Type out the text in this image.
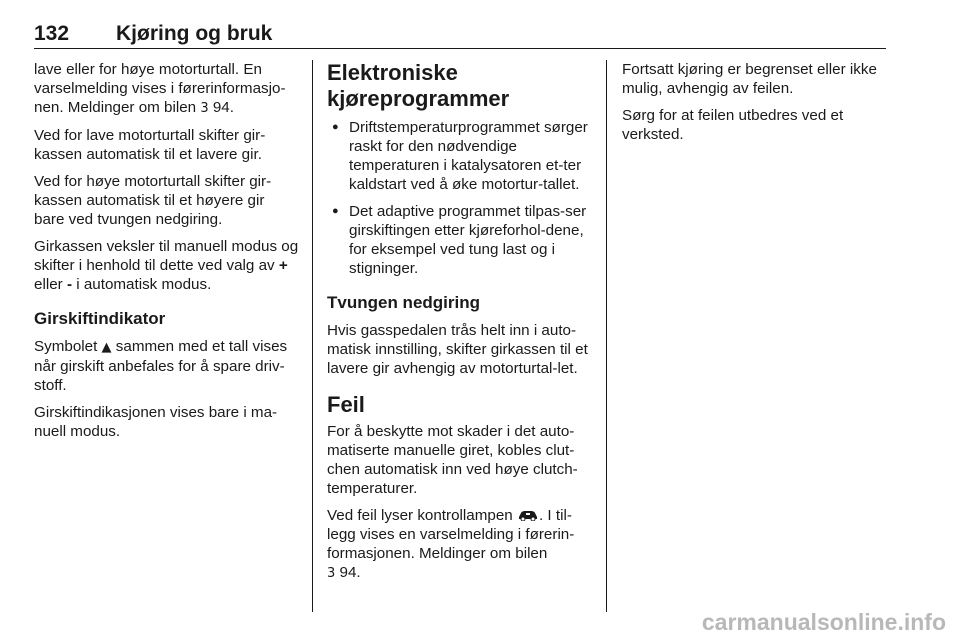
132 Kjøring og bruk

lave eller for høye motorturtall. En varselmelding vises i førerinformasjo-nen. Meldinger om bilen 3 94.

Ved for lave motorturtall skifter gir-kassen automatisk til et lavere gir.

Ved for høye motorturtall skifter gir-kassen automatisk til et høyere gir bare ved tvungen nedgiring.

Girkassen veksler til manuell modus og skifter i henhold til dette ved valg av + eller - i automatisk modus.

Girskiftindikator

Symbolet ▲ sammen med et tall vises når girskift anbefales for å spare driv-stoff.

Girskiftindikasjonen vises bare i ma-nuell modus.

Elektroniske
kjøreprogrammer
● Driftstemperaturprogrammet sørger raskt for den nødvendige temperaturen i katalysatoren et-ter kaldstart ved å øke motortur-tallet.
● Det adaptive programmet tilpas-ser girskiftingen etter kjøreforhol-dene, for eksempel ved tung last og i stigninger.
Tvungen nedgiring

Hvis gasspedalen trås helt inn i auto-matisk innstilling, skifter girkassen til et lavere gir avhengig av motorturtal-let.

Feil

For å beskytte mot skader i det auto-matiserte manuelle giret, kobles clut-chen automatisk inn ved høye clutch-temperaturer.

Ved feil lyser kontrollampen . I til-legg vises en varselmelding i førerin-formasjonen. Meldinger om bilen
3 94.

Fortsatt kjøring er begrenset eller ikke mulig, avhengig av feilen.

Sørg for at feilen utbedres ved et verksted.

carmanualsonline.info
